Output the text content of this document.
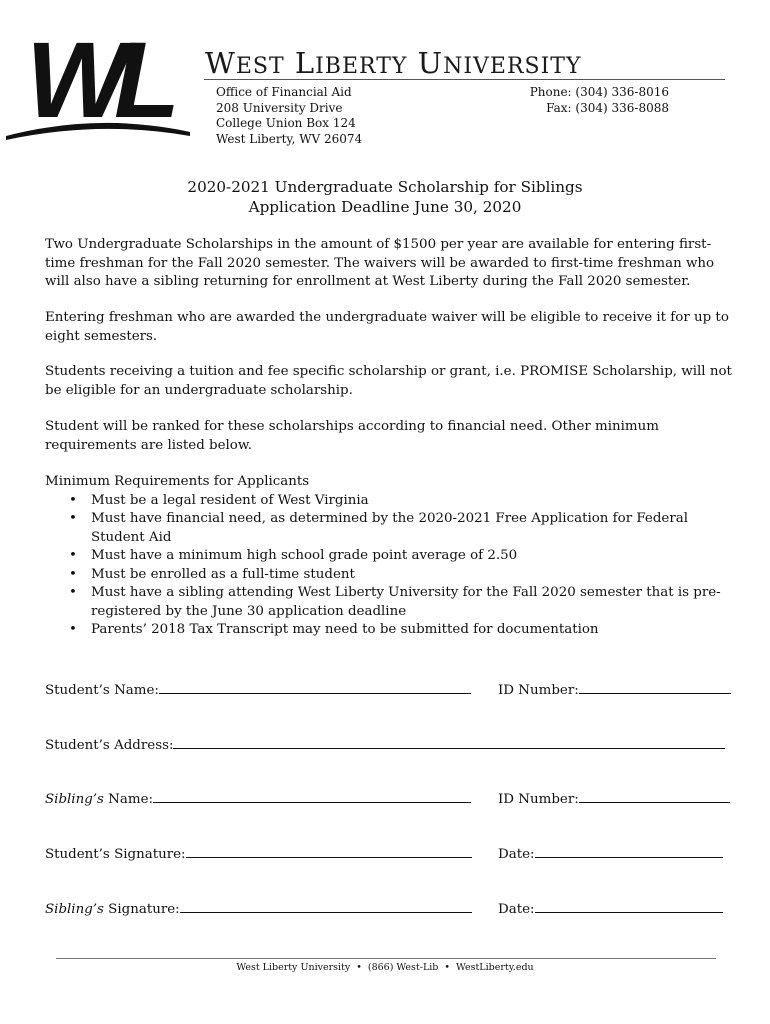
WL WEST LIBERTY UNIVERSITY
Office of Financial Aid
208 University Drive
College Union Box 124
West Liberty, WV 26074
Phone: (304) 336-8016
Fax: (304) 336-8088
2020-2021 Undergraduate Scholarship for Siblings
Application Deadline June 30, 2020

Two Undergraduate Scholarships in the amount of $1500 per year are available for entering first-time freshman for the Fall 2020 semester. The waivers will be awarded to first-time freshman who will also have a sibling returning for enrollment at West Liberty during the Fall 2020 semester.

Entering freshman who are awarded the undergraduate waiver will be eligible to receive it for up to eight semesters.

Students receiving a tuition and fee specific scholarship or grant, i.e. PROMISE Scholarship, will not be eligible for an undergraduate scholarship.

Student will be ranked for these scholarships according to financial need. Other minimum requirements are listed below.

Minimum Requirements for Applicants
• Must be a legal resident of West Virginia
• Must have financial need, as determined by the 2020-2021 Free Application for Federal Student Aid
• Must have a minimum high school grade point average of 2.50
• Must be enrolled as a full-time student
• Must have a sibling attending West Liberty University for the Fall 2020 semester that is pre-registered by the June 30 application deadline
• Parents’ 2018 Tax Transcript may need to be submitted for documentation
Student’s Name:	ID Number:
Student’s Address:
Sibling’s Name:	ID Number:
Student’s Signature:	Date:
Sibling’s Signature:	Date:
West Liberty University • (866) West-Lib • WestLiberty.edu
